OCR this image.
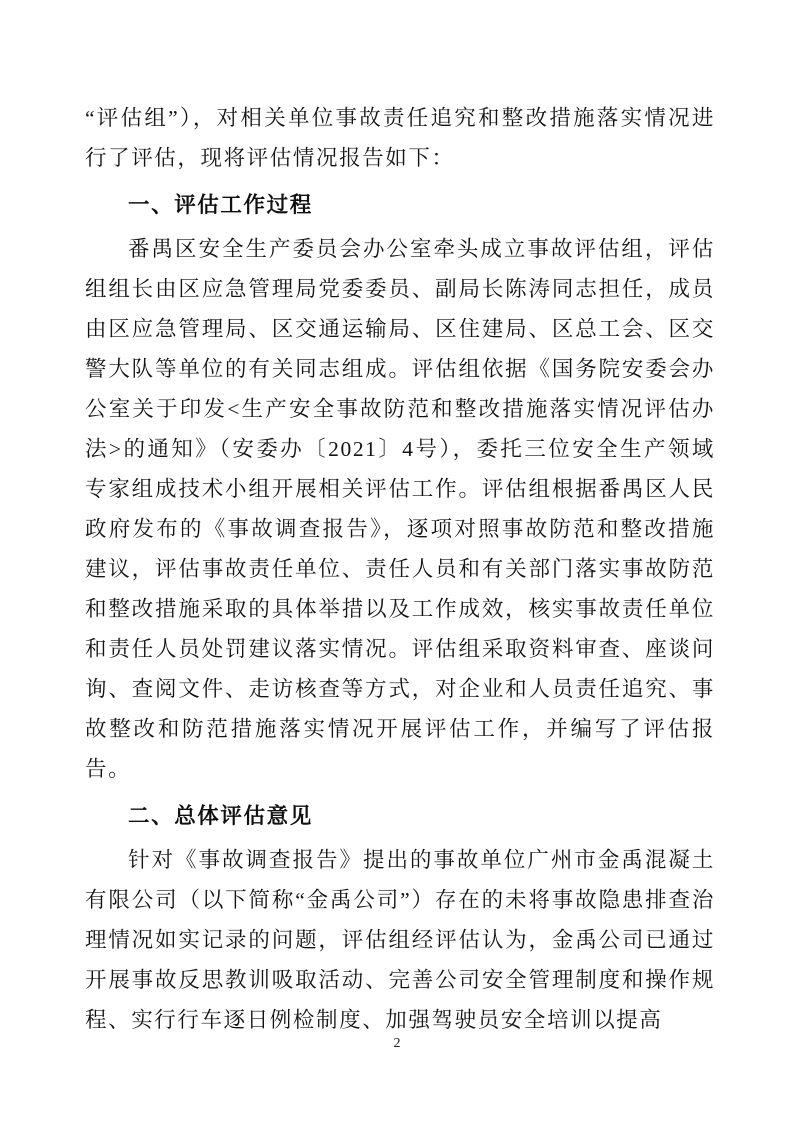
“评估组”），对相关单位事故责任追究和整改措施落实情况进行了评估，现将评估情况报告如下：

一、评估工作过程

番禺区安全生产委员会办公室牵头成立事故评估组，评估组组长由区应急管理局党委委员、副局长陈涛同志担任，成员由区应急管理局、区交通运输局、区住建局、区总工会、区交警大队等单位的有关同志组成。评估组依据《国务院安委会办公室关于印发<生产安全事故防范和整改措施落实情况评估办法>的通知》（安委办〔2021〕4号），委托三位安全生产领域专家组成技术小组开展相关评估工作。评估组根据番禺区人民政府发布的《事故调查报告》，逐项对照事故防范和整改措施建议，评估事故责任单位、责任人员和有关部门落实事故防范和整改措施采取的具体举措以及工作成效，核实事故责任单位和责任人员处罚建议落实情况。评估组采取资料审查、座谈问询、查阅文件、走访核查等方式，对企业和人员责任追究、事故整改和防范措施落实情况开展评估工作，并编写了评估报告。

二、总体评估意见

针对《事故调查报告》提出的事故单位广州市金禹混凝土有限公司（以下简称“金禹公司”）存在的未将事故隐患排查治理情况如实记录的问题，评估组经评估认为，金禹公司已通过开展事故反思教训吸取活动、完善公司安全管理制度和操作规程、实行行车逐日例检制度、加强驾驶员安全培训以提高

2
